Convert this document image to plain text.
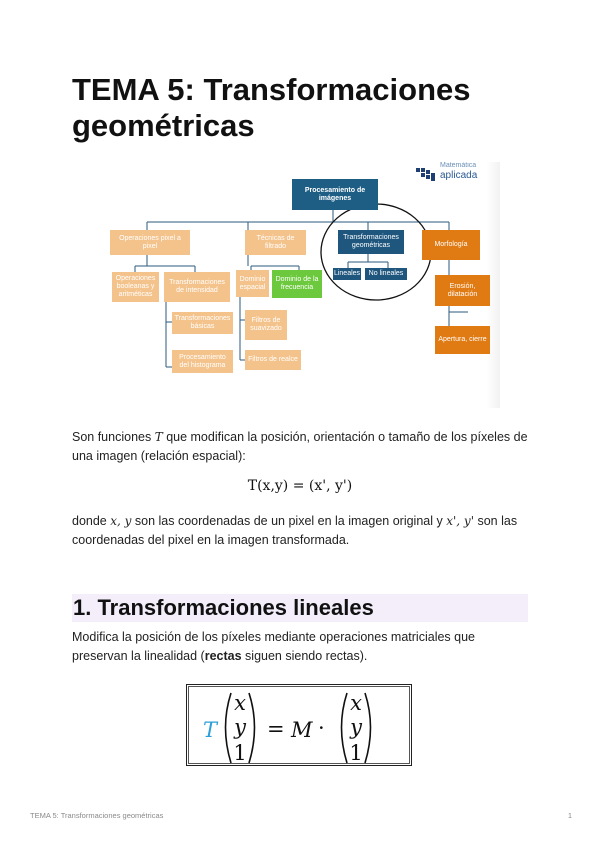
TEMA 5: Transformaciones geométricas
Matemática
aplicada
Procesamiento de imágenes
Operaciones pixel a pixel
Técnicas de filtrado
Transformaciones geométricas	Morfología
Operaciones booleanas y aritméticas
Transformaciones de intensidad
Dominio espacial
Dominio de la frecuencia
Lineales	No lineales
Erosión, dilatación
Apertura, cierre
Transformaciones básicas
Procesamiento del histograma
Filtros de suavizado
Filtros de realce

Son funciones T que modifican la posición, orientación o tamaño de los píxeles de una imagen (relación espacial):

T(x,y) = (x', y')

donde x, y son las coordenadas de un pixel en la imagen original y x', y' son las coordenadas del pixel en la imagen transformada.

1. Transformaciones lineales

Modifica la posición de los píxeles mediante operaciones matriciales que preservan la linealidad (rectas siguen siendo rectas).

T
x
y
1
= M ·
x
y
1
TEMA 5: Transformaciones geométricas	1
